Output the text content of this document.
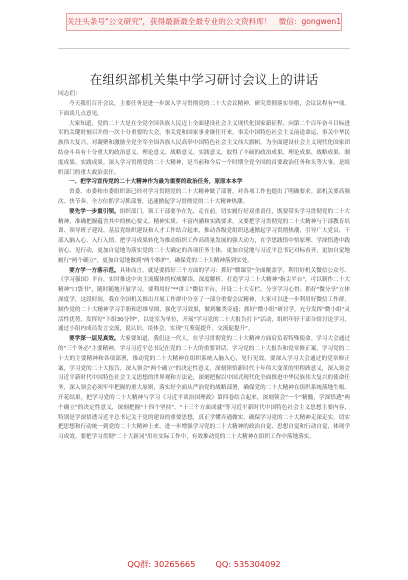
关注头条号"公文研究"，获得最新最全最专业的公文资料库！ 微信：gongwen1
在组织部机关集中学习研讨会议上的讲话
同志们：

今天我们召开会议，主要任务是进一步深入学习贯彻党的二十大会议精神，研究贯彻落实举措，会议议程有**项。下面谈几点意见。

大家知道，党的二十大是在全党全国各族人民迈上全面建设社会主义现代化国家新征程、向第二个百年奋斗目标进军的关键时刻召开的一次十分重要的大会，事关党和国家事业继往开来，事关中国特色社会主义前途命运，事关中华民族伟大复兴。对凝聚和激励全党全军全国各族人民高举中国特色社会主义伟大旗帜，为全面建设社会主义现代化国家团结奋斗具有十分重大的政治意义、理论意义、战略意义、实践意义，取得了丰硕的政治成果、理论成果、战略成果、制度成果、实践成果。深入学习贯彻党的二十大精神，是当前和今后一个时期全党全国的首要政治任务和头等大事，是组织部门的重大政治责任。

一、把学习宣传党的二十大精神作为最为重要的政治任务，原原本本学

省委、市委和市委组织部已经对学习贯彻党的二十大精神做了部署，对各项工作也提出了明确要求。部机关要高频次、快节奏、全方位抓学习抓部署，迅速掀起学习贯彻党的二十大精神热潮。

要先学一步重引领。组织部门，领工干部要争在先、走在前，切实履行好双重责任，既要带头学习贯彻党的二十大精神，准确把握蕴含其中的核心要义、精神实质、丰富内涵和实践要求，又要把学习贯彻党的二十大精神与干部教育培训、领导班子建设、基层党组织建设和人才工作结合起来，推动各级党组织迅速掀起学习贯彻热潮，引导广大党员、干部入脑入心、入行入情，把学习成果转化为推动组织工作高质量发展的强大动力，在学思践悟中悟原理、学深悟透中践初心、见行动，更加自觉地为落实党的二十大确定的各项任务主体，更加自觉地与习近平总书记对标看齐，更加自觉地履行"两个确立"，更加自觉地做到"两个维护"，确保党的二十大精神落到实处。

要方学一方落示范。具体而言，就是要抓好三个方面的学习：抓好"微课堂"全面覆盖学，利用好机关微信公众号、《学习强国》平台，实时推送中央主流媒体的权威解读、深度解析，打造学习二十大精神"指尖平台"，可以制作二十大精神"口袋书"，随时随地开展学习。要利用好"**讲工"微信平台，开设二十大专栏，分享学习心得；抓好"微分享"立体深度学，这段时间，我在全国机关推出开展工作群中分享了一部分重要会议精神，大家可以进一步利用好微信工作群，制作党的二十大精神学习手册和思维导图，强化学习效果，做到触类旁通；抓好"微小组"研讨学，充分发挥"微小组"灵活性优势，发挥好"下组30分钟"，以处室为单位，开展"学习党的二十大报告打卡"活动，组织年轻干部分组讨论学习，通过小组内成员发言交流，说认识、谈体会，实现"互鉴促提升，交流促提升"。

要学深一层见真效。大家要知道，我们这一代人，在学习贯彻党的二十大精神方面肩负着特殊使命。学习大会通过的"三个务必"主要精神，学习习近平总书记在党的二十大的重要讲话，学习党的二十大报告和党章修正案，学习党的二十大的主要精神和各项部署，推动党的二十大精神在组织系统入脑入心，见行见效。要深入学习大会通过的党章修正案，学习党的二十大报告，深入领会"两个确立"的决定性意义，深刻领悟新时代十年伟大变革的里程碑意义，深入领会习近平新时代中国特色社会主义思想的世界观和方法论，深刻把握以中国式现代化全面推进中华民族伟大复兴的使命任务，深入领会必须牢牢把握的重大原则，落实好全面从严治党的战略部署，确保党的二十大精神在组织系统落地生根、开花结果。把学习党的二十大精神与学习《习近平谈治国理政》第四卷结合起来，深刻领会"一个"精髓，学深悟透"两个确立"的决定性意义，深刻把握"十四个坚持"、"十三个方面成就"等习近平新时代中国特色社会主义思想主要内容，特别是学深悟透习近平总书记关于党的建设的重要思想，真正学懂弄通做实，确保学习党的二十大精神走深走实，切实把思想和行动统一到党的二十大精神上来，进一步增强学习党的二十大精神的政治自觉、思想自觉和行动自觉，体现学习成效。要把学习贯彻"二十大新词"用在实际工作中，有效推动党的二十大精神在组织工作中落地落实。

QQ群: 30265665 QQ: 535304092
